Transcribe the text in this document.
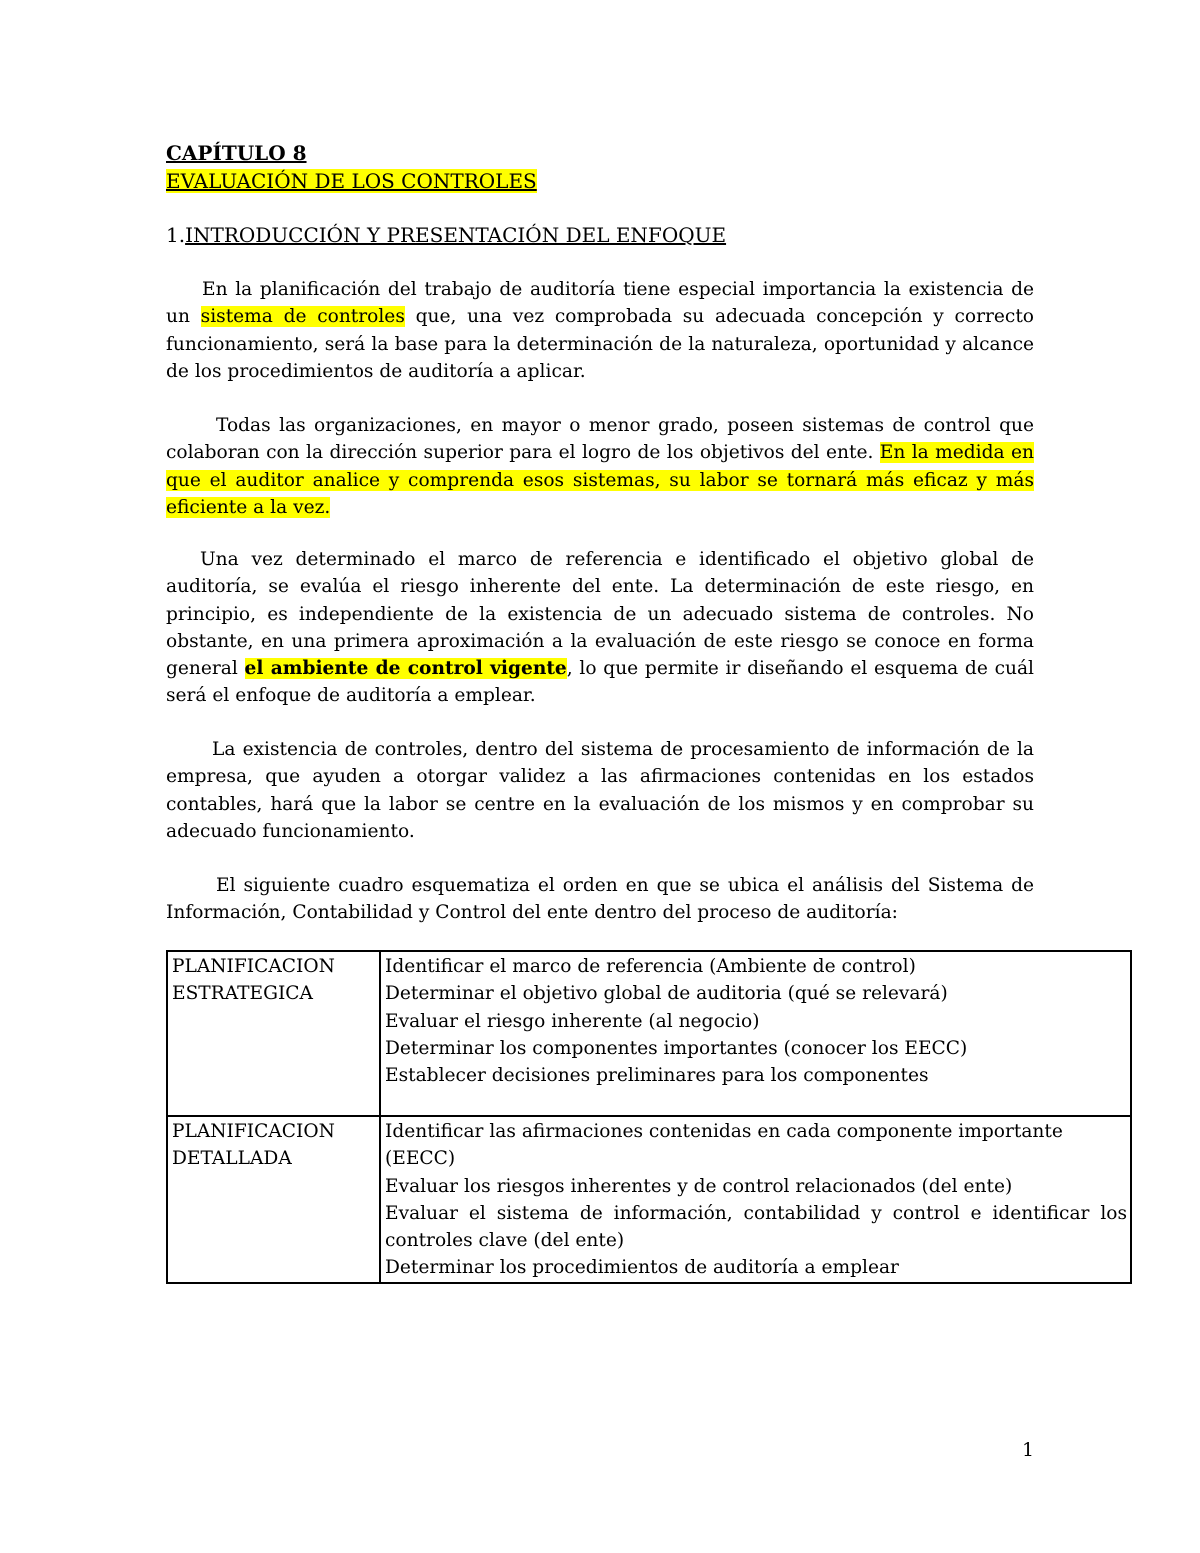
CAPÍTULO 8
EVALUACIÓN DE LOS CONTROLES
1.INTRODUCCIÓN Y PRESENTACIÓN DEL ENFOQUE

En la planificación del trabajo de auditoría tiene especial importancia la existencia de un sistema de controles que, una vez comprobada su adecuada concepción y correcto funcionamiento, será la base para la determinación de la naturaleza, oportunidad y alcance de los procedimientos de auditoría a aplicar.

Todas las organizaciones, en mayor o menor grado, poseen sistemas de control que colaboran con la dirección superior para el logro de los objetivos del ente. En la medida en que el auditor analice y comprenda esos sistemas, su labor se tornará más eficaz y más eficiente a la vez.

Una vez determinado el marco de referencia e identificado el objetivo global de auditoría, se evalúa el riesgo inherente del ente. La determinación de este riesgo, en principio, es independiente de la existencia de un adecuado sistema de controles. No obstante, en una primera aproximación a la evaluación de este riesgo se conoce en forma general el ambiente de control vigente, lo que permite ir diseñando el esquema de cuál será el enfoque de auditoría a emplear.

La existencia de controles, dentro del sistema de procesamiento de información de la empresa, que ayuden a otorgar validez a las afirmaciones contenidas en los estados contables, hará que la labor se centre en la evaluación de los mismos y en comprobar su adecuado funcionamiento.

El siguiente cuadro esquematiza el orden en que se ubica el análisis del Sistema de Información, Contabilidad y Control del ente dentro del proceso de auditoría:

PLANIFICACION
ESTRATEGICA	Identificar el marco de referencia (Ambiente de control)
Determinar el objetivo global de auditoria (qué se relevará)
Evaluar el riesgo inherente (al negocio)
Determinar los componentes importantes (conocer los EECC)
Establecer decisiones preliminares para los componentes

PLANIFICACION
DETALLADA	Identificar las afirmaciones contenidas en cada componente importante (EECC)
Evaluar los riesgos inherentes y de control relacionados (del ente)
Evaluar el sistema de información, contabilidad y control e identificar los controles clave (del ente)
Determinar los procedimientos de auditoría a emplear
1
